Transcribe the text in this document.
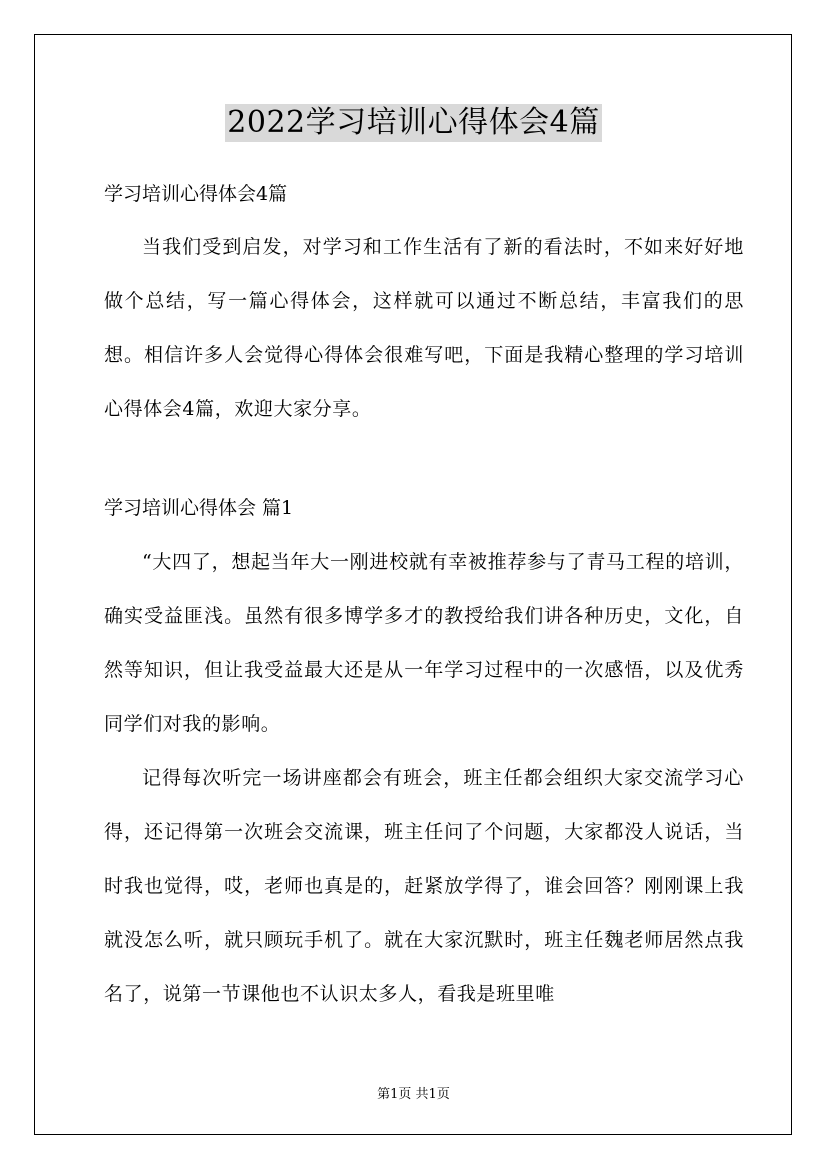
2022学习培训心得体会4篇

学习培训心得体会4篇

当我们受到启发，对学习和工作生活有了新的看法时，不如来好好地做个总结，写一篇心得体会，这样就可以通过不断总结，丰富我们的思想。相信许多人会觉得心得体会很难写吧，下面是我精心整理的学习培训心得体会4篇，欢迎大家分享。

学习培训心得体会 篇1

“大四了，想起当年大一刚进校就有幸被推荐参与了青马工程的培训，确实受益匪浅。虽然有很多博学多才的教授给我们讲各种历史，文化，自然等知识，但让我受益最大还是从一年学习过程中的一次感悟，以及优秀同学们对我的影响。

记得每次听完一场讲座都会有班会，班主任都会组织大家交流学习心得，还记得第一次班会交流课，班主任问了个问题，大家都没人说话，当时我也觉得，哎，老师也真是的，赶紧放学得了，谁会回答？刚刚课上我就没怎么听，就只顾玩手机了。就在大家沉默时，班主任魏老师居然点我名了，说第一节课他也不认识太多人，看我是班里唯

第1页 共1页
